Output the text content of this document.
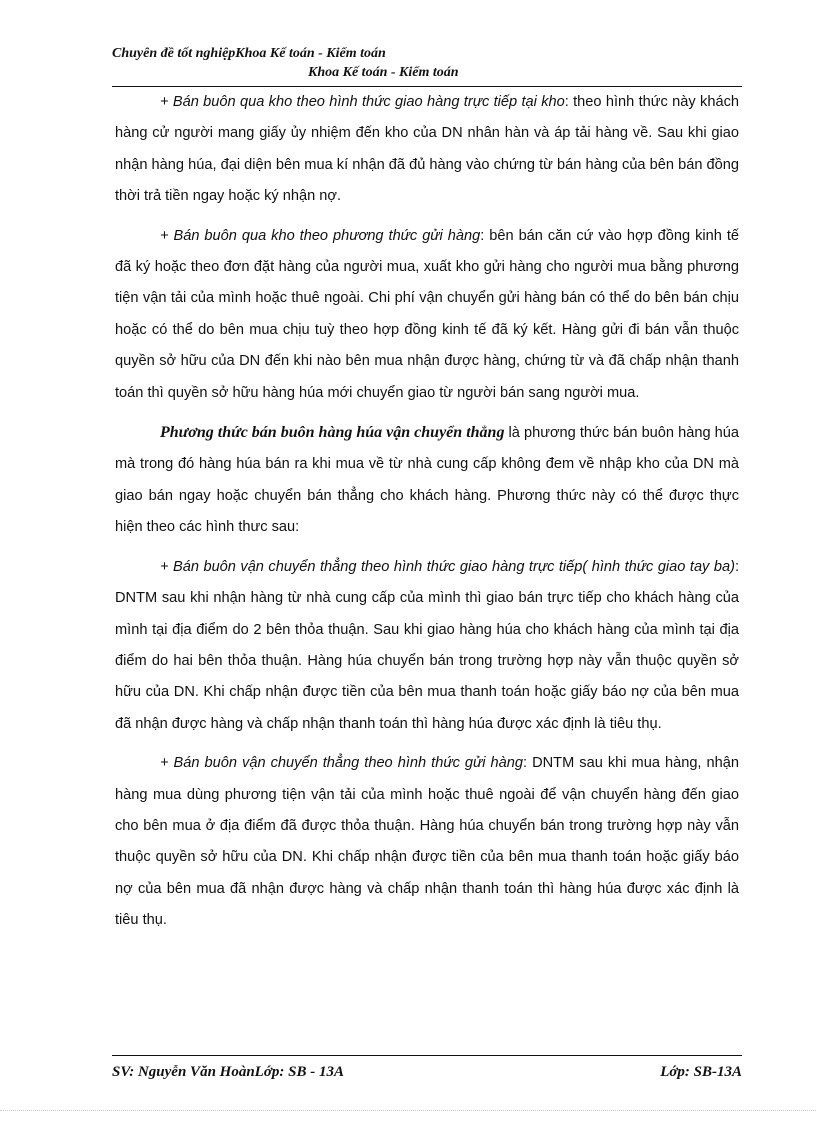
Chuyên đề tốt nghiệpKhoa Kế toán - Kiểm toán
Khoa Kế toán - Kiểm toán

+ Bán buôn qua kho theo hình thức giao hàng trực tiếp tại kho: theo hình thức này khách hàng cử người mang giấy ủy nhiệm đến kho của DN nhân hàn và áp tải hàng về. Sau khi giao nhận hàng húa, đại diện bên mua kí nhận đã đủ hàng vào chứng từ bán hàng của bên bán đồng thời trả tiền ngay hoặc ký nhận nợ.

+ Bán buôn qua kho theo phương thức gửi hàng: bên bán căn cứ vào hợp đồng kinh tế đã ký hoặc theo đơn đặt hàng của người mua, xuất kho gửi hàng cho người mua bằng phương tiện vận tải của mình hoặc thuê ngoài. Chi phí vận chuyển gửi hàng bán có thể do bên bán chịu hoặc có thể do bên mua chịu tuỳ theo hợp đồng kinh tế đã ký kết. Hàng gửi đi bán vẫn thuộc quyền sở hữu của DN đến khi nào bên mua nhận được hàng, chứng từ và đã chấp nhận thanh toán thì quyền sở hữu hàng húa mới chuyển giao từ người bán sang người mua.

Phương thức bán buôn hàng húa vận chuyển thẳng là phương thức bán buôn hàng húa mà trong đó hàng húa bán ra khi mua về từ nhà cung cấp không đem về nhập kho của DN mà giao bán ngay hoặc chuyển bán thẳng cho khách hàng. Phương thức này có thể được thực hiện theo các hình thưc sau:

+ Bán buôn vận chuyển thẳng theo hình thức giao hàng trực tiếp( hình thức giao tay ba): DNTM sau khi nhận hàng từ nhà cung cấp của mình thì giao bán trực tiếp cho khách hàng của mình tại địa điểm do 2 bên thỏa thuận. Sau khi giao hàng húa cho khách hàng của mình tại địa điểm do hai bên thỏa thuận. Hàng húa chuyển bán trong trường hợp này vẫn thuộc quyền sở hữu của DN. Khi chấp nhận được tiền của bên mua thanh toán hoặc giấy báo nợ của bên mua đã nhận được hàng và chấp nhận thanh toán thì hàng húa được xác định là tiêu thụ.

+ Bán buôn vận chuyển thẳng theo hình thức gửi hàng: DNTM sau khi mua hàng, nhận hàng mua dùng phương tiện vận tải của mình hoặc thuê ngoài để vận chuyển hàng đến giao cho bên mua ở địa điểm đã được thỏa thuận. Hàng húa chuyển bán trong trường hợp này vẫn thuộc quyền sở hữu của DN. Khi chấp nhận được tiền của bên mua thanh toán hoặc giấy báo nợ của bên mua đã nhận được hàng và chấp nhận thanh toán thì hàng húa được xác định là tiêu thụ.

SV: Nguyễn Văn HoànLớp: SB - 13A	Lớp: SB-13A
